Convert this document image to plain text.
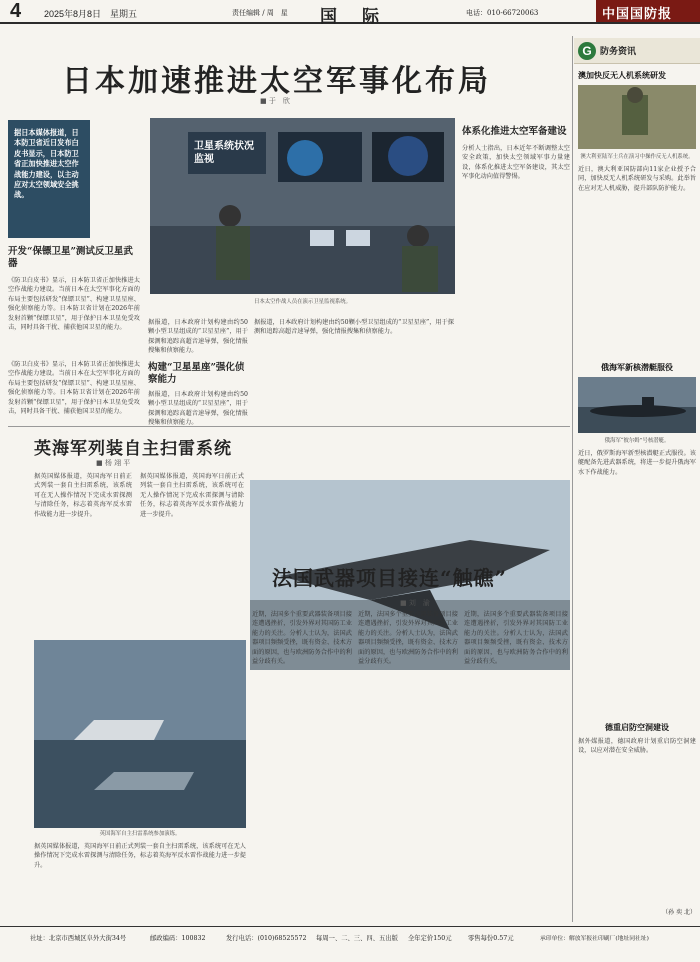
4	2025年8月8日　星期五	责任编辑 / 周　星 国　际	电话：010-66720063	中国国防报
日本加速推进太空军事化布局
■ 于　欣
据日本媒体报道，日本防卫省近日发布白皮书显示，日本防卫省正加快推进太空作战能力建设，以主动应对太空领域安全挑战。
开发“保镖卫星”测试反卫星武器
《防卫白皮书》显示，日本防卫省正加快推进太空作战能力建设。当前日本在太空军事化方面的布局主要包括研发“保镖卫星”、构建卫星星座、强化侦察能力等。日本防卫省计划在2026年前发射首颗“保镖卫星”，用于保护日本卫星免受攻击，同时具备干扰、捕获他国卫星的能力。
卫星系统状况 监视
日本太空作战人员在演示卫星监视系统。
《防卫白皮书》显示，日本防卫省正加快推进太空作战能力建设。当前日本在太空军事化方面的布局主要包括研发“保镖卫星”、构建卫星星座、强化侦察能力等。日本防卫省计划在2026年前发射首颗“保镖卫星”，用于保护日本卫星免受攻击，同时具备干扰、捕获他国卫星的能力。
据报道，日本政府计划构建由约50颗小型卫星组成的“卫星星座”，用于探测和追踪高超音速导弹，强化情报搜集和侦察能力。
构建“卫星星座”强化侦察能力
据报道，日本政府计划构建由约50颗小型卫星组成的“卫星星座”，用于探测和追踪高超音速导弹，强化情报搜集和侦察能力。
据报道，日本政府计划构建由约50颗小型卫星组成的“卫星星座”，用于探测和追踪高超音速导弹，强化情报搜集和侦察能力。
体系化推进太空军备建设
分析人士指出，日本近年不断调整太空安全政策，加快太空领域军事力量建设，体系化推进太空军备建设，其太空军事化动向值得警惕。
G 防务资讯
澳加快反无人机系统研发
澳大利亚陆军士兵在演习中操作反无人机系统。
近日，澳大利亚国防部向11家企业授予合同，加快反无人机系统研发与采购。此举旨在应对无人机威胁，提升部队防护能力。
俄海军新核潜艇服役
俄海军“彼尔姆”号核潜艇。
近日，俄罗斯海军新型核潜艇正式服役。该艇配备先进武器系统，将进一步提升俄海军水下作战能力。
德重启防空洞建设
据外媒报道，德国政府计划重启防空洞建设，以应对潜在安全威胁。
（孙 奕 北）
英海军列装自主扫雷系统
■ 杨 翊 平
据英国媒体报道，英国海军日前正式列装一套自主扫雷系统，该系统可在无人操作情况下完成水雷探测与清除任务，标志着英海军反水雷作战能力进一步提升。
据英国媒体报道，英国海军日前正式列装一套自主扫雷系统，该系统可在无人操作情况下完成水雷探测与清除任务，标志着英海军反水雷作战能力进一步提升。
英国海军自主扫雷系统参加演练。
据英国媒体报道，英国海军日前正式列装一套自主扫雷系统，该系统可在无人操作情况下完成水雷探测与清除任务，标志着英海军反水雷作战能力进一步提升。
法国武器项目接连“触礁”
■ 刘　渝
近期，法国多个重要武器装备项目接连遭遇挫折，引发外界对其国防工业能力的关注。分析人士认为，法国武器项目频频受挫，既有资金、技术方面的原因，也与欧洲防务合作中的利益分歧有关。
近期，法国多个重要武器装备项目接连遭遇挫折，引发外界对其国防工业能力的关注。分析人士认为，法国武器项目频频受挫，既有资金、技术方面的原因，也与欧洲防务合作中的利益分歧有关。
近期，法国多个重要武器装备项目接连遭遇挫折，引发外界对其国防工业能力的关注。分析人士认为，法国武器项目频频受挫，既有资金、技术方面的原因，也与欧洲防务合作中的利益分歧有关。
社址：北京市西城区阜外大街34号	邮政编码：100832	发行电话：(010)68525572 每周一、二、三、四、五出版 全年定价150元	零售每份0.57元	承印单位：解放军报社印刷厂(地址同社址)
